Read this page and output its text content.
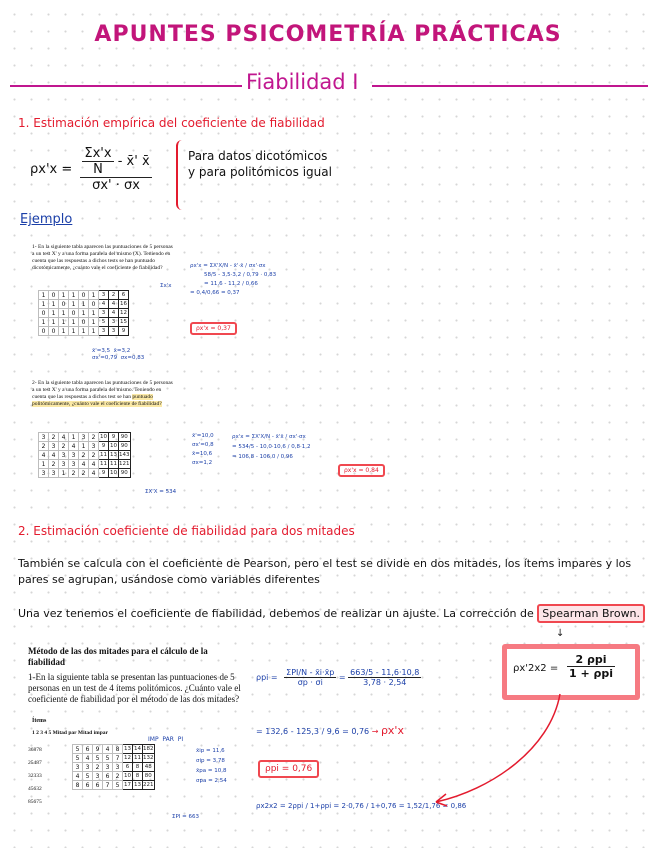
APUNTES PSICOMETRÍA PRÁCTICAS
Fiabilidad I
1. Estimación empírica del coeficiente de fiabilidad
$\rho x'x = \frac{\frac{\Sigma x'x}{N} - x̄' x̄}{\sigma x' \cdot \sigma x}$	Para datos dicotómicos y para politómicos igual
Ejemplo
1- En la siguiente tabla aparecen las puntuaciones de 5 personas a un test X' y a una forma paralela del mismo (X). Teniendo en cuenta que las respuestas a dichos tests se han puntuado dicotómicamente, ¿cuánto vale el coeficiente de fiabilidad?
1	0	1	1	0	1	3	2	6
1	1	0	1	1	0	4	4	16
0	1	1	0	1	1	3	4	12
1	1	1	1	0	1	5	3	15
0	0	1	1	1	1	3	3	9
Σx'x
x̄'=3,5 x̄=3,2
σx'=0,79 σx=0,83
ρx'x = ΣX'X/N - x̄'·x̄ / σx'·σx
58/5 - 3,5·3,2 / 0,79 · 0,83
= 11,6 - 11,2 / 0,66
= 0,4/0,66 = 0,37
ρx'x = 0,37
2- En la siguiente tabla aparecen las puntuaciones de 5 personas a un test X' y a una forma paralela del mismo. Teniendo en cuenta que las respuestas a dichos test se han puntuado politómicamente, ¿cuánto vale el coeficiente de fiabilidad?
3	2	4	1	3	2	10	9	90
2	3	2	4	1	3	9	10	90
4	4	3	3	2	2	11	13	143
1	2	3	3	4	4	11	11	121
3	3	1	2	2	4	9	10	90
x̄'=10,0
σx'=0,8
x̄=10,6
σx=1,2
ΣX'X = 534
ρx'x = ΣX'X/N - x̄'x̄ / σx'·σx
= 534/5 - 10,0·10,6 / 0,8·1,2
= 106,8 - 106,0 / 0,96
ρx'x = 0,84
2. Estimación coeficiente de fiabilidad para dos mitades
También se calcula con el coeficiente de Pearson, pero el test se divide en dos mitades, los ítems impares y los pares se agrupan, usándose como variables diferentes
Una vez tenemos el coeficiente de fiabilidad, debemos de realizar un ajuste. La corrección de Spearman Brown.
↓
ρx'2x2 =
2 ρpi
1 + ρpi
Método de las dos mitades para el cálculo de la fiabilidad
1-En la siguiente tabla se presentan las puntuaciones de 5 personas en un test de 4 ítems politómicos. ¿Cuánto vale el coeficiente de fiabilidad por el método de las dos mitades?
Ítems
1 2 3 4 5 Mitad par Mitad impar
IMP PAR PI
36878
25487
32333
45632
85675
5	6	9	4	8	13	14	182
5	4	5	5	7	12	11	132
3	3	2	3	3	6	8	48
4	5	3	6	2	10	8	80
8	6	6	7	5	17	13	221
x̄ip = 11,6
σip = 3,78
x̄pa = 10,8
σpa = 2,54
ΣPI = 663
$\rho pi = \frac{\text{ΣPI/N - x̄i·x̄p}}{\sigma p \cdot \sigma i} = \frac{663/5 - 11,6\cdot 10,8}{3,78 \cdot 2,54}$
= 132,6 - 125,3 / 9,6 = 0,76 → ρx'x
ρpi = 0,76
ρx2x2 = 2ρpi / 1+ρpi = 2·0,76 / 1+0,76 = 1,52/1,76 = 0,86
